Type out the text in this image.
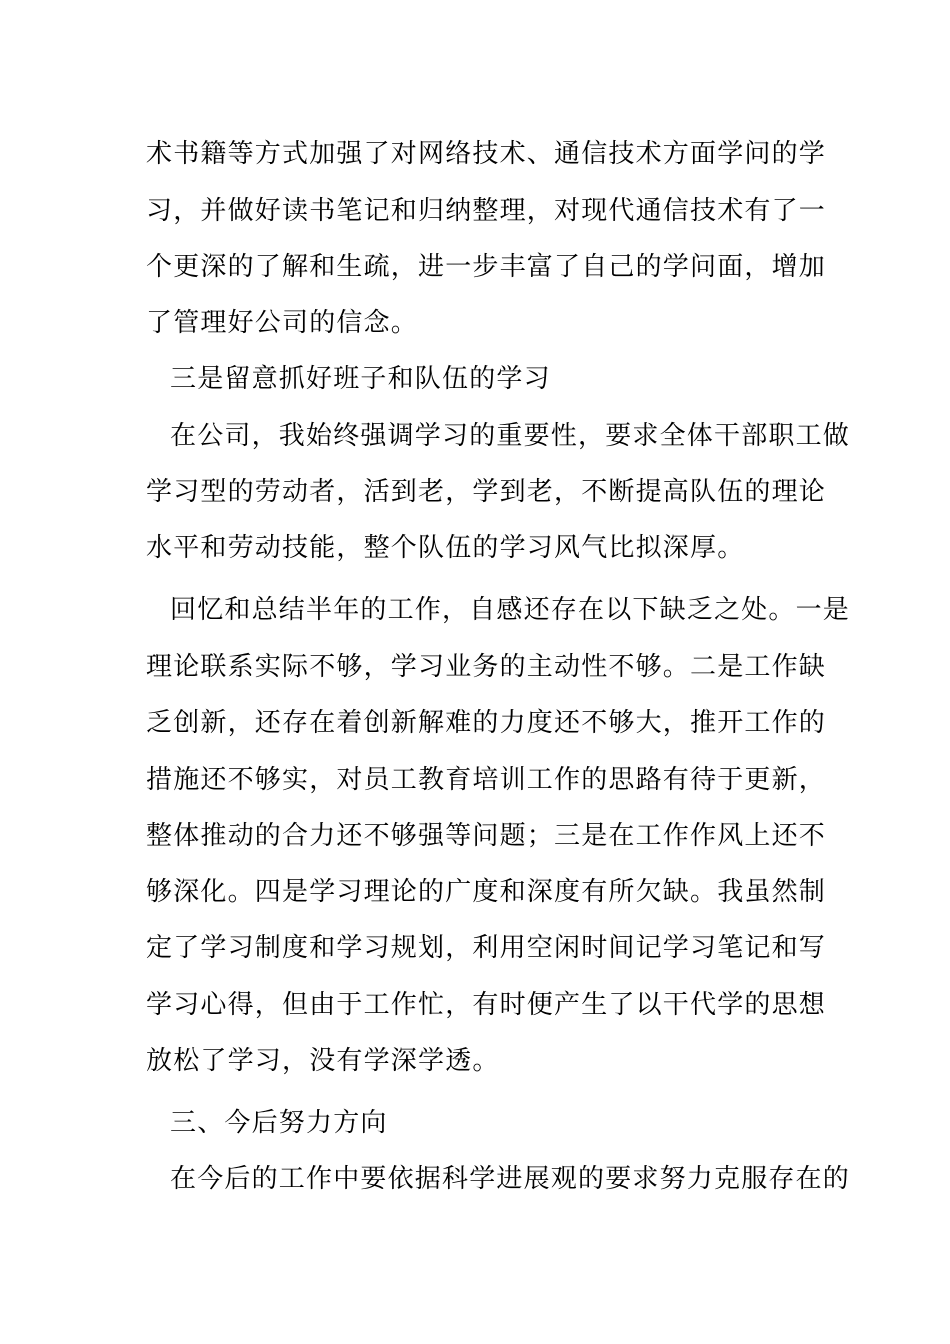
术书籍等方式加强了对网络技术、通信技术方面学问的学
习，并做好读书笔记和归纳整理，对现代通信技术有了一
个更深的了解和生疏，进一步丰富了自己的学问面，增加
了管理好公司的信念。
三是留意抓好班子和队伍的学习
在公司，我始终强调学习的重要性，要求全体干部职工做
学习型的劳动者，活到老，学到老，不断提高队伍的理论
水平和劳动技能，整个队伍的学习风气比拟深厚。
回忆和总结半年的工作，自感还存在以下缺乏之处。一是
理论联系实际不够，学习业务的主动性不够。二是工作缺
乏创新，还存在着创新解难的力度还不够大，推开工作的
措施还不够实，对员工教育培训工作的思路有待于更新，
整体推动的合力还不够强等问题；三是在工作作风上还不
够深化。四是学习理论的广度和深度有所欠缺。我虽然制
定了学习制度和学习规划，利用空闲时间记学习笔记和写
学习心得，但由于工作忙，有时便产生了以干代学的思想
放松了学习，没有学深学透。
三、今后努力方向
在今后的工作中要依据科学进展观的要求努力克服存在的
